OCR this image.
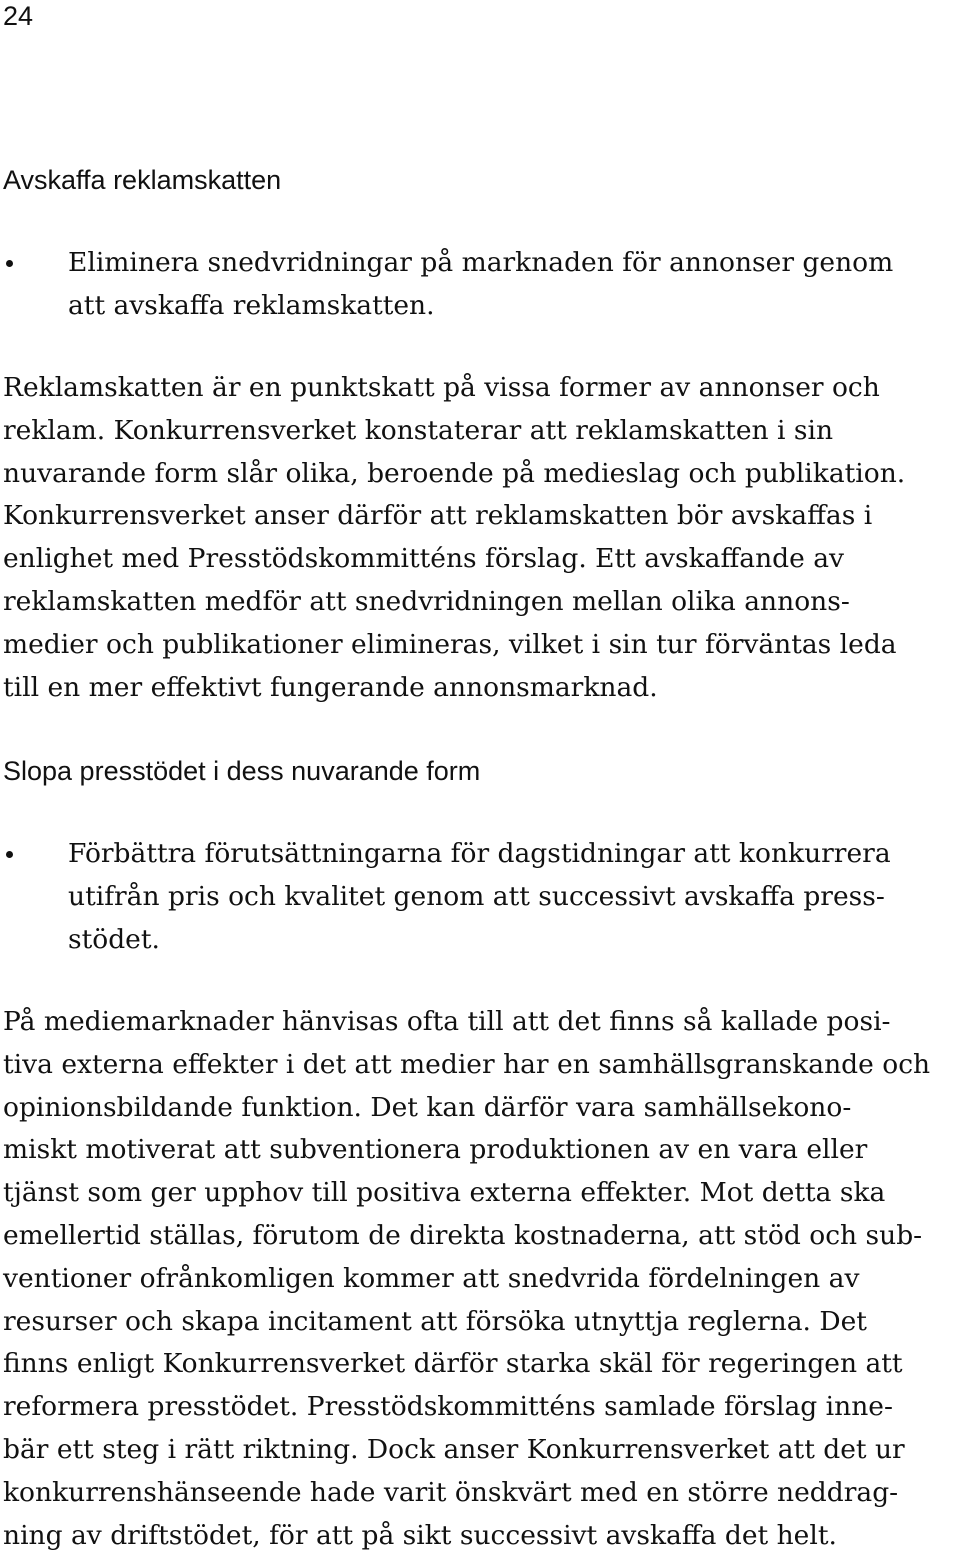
24
Avskaffa reklamskatten

Eliminera snedvridningar på marknaden för annonser genom
att avskaffa reklamskatten.

Reklamskatten är en punktskatt på vissa former av annonser och
reklam. Konkurrensverket konstaterar att reklamskatten i sin
nuvarande form slår olika, beroende på medieslag och publikation.
Konkurrensverket anser därför att reklamskatten bör avskaffas i
enlighet med Presstödskommitténs förslag. Ett avskaffande av
reklamskatten medför att snedvridningen mellan olika annons-
medier och publikationer elimineras, vilket i sin tur förväntas leda
till en mer effektivt fungerande annonsmarknad.

Slopa presstödet i dess nuvarande form

Förbättra förutsättningarna för dagstidningar att konkurrera
utifrån pris och kvalitet genom att successivt avskaffa press-
stödet.

På mediemarknader hänvisas ofta till att det finns så kallade posi-
tiva externa effekter i det att medier har en samhällsgranskande och
opinionsbildande funktion. Det kan därför vara samhällsekono-
miskt motiverat att subventionera produktionen av en vara eller
tjänst som ger upphov till positiva externa effekter. Mot detta ska
emellertid ställas, förutom de direkta kostnaderna, att stöd och sub-
ventioner ofrånkomligen kommer att snedvrida fördelningen av
resurser och skapa incitament att försöka utnyttja reglerna. Det
finns enligt Konkurrensverket därför starka skäl för regeringen att
reformera presstödet. Presstödskommitténs samlade förslag inne-
bär ett steg i rätt riktning. Dock anser Konkurrensverket att det ur
konkurrenshänseende hade varit önskvärt med en större neddrag-
ning av driftstödet, för att på sikt successivt avskaffa det helt.
